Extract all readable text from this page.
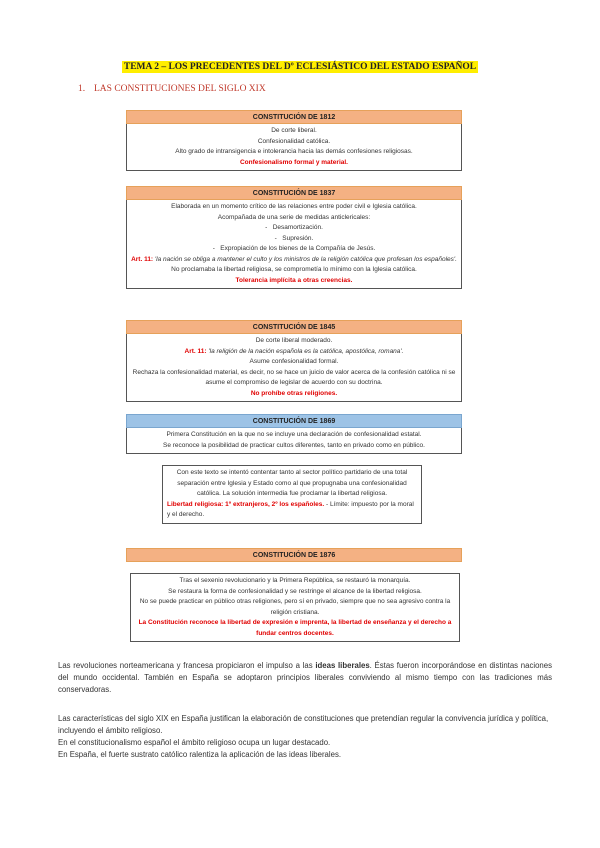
TEMA 2 – LOS PRECEDENTES DEL Dº ECLESIÁSTICO DEL ESTADO ESPAÑOL
1. LAS CONSTITUCIONES DEL SIGLO XIX
CONSTITUCIÓN DE 1812

De corte liberal.

Confesionalidad católica.

Alto grado de intransigencia e intolerancia hacia las demás confesiones religiosas.

Confesionalismo formal y material.

CONSTITUCIÓN DE 1837

Elaborada en un momento crítico de las relaciones entre poder civil e Iglesia católica.

Acompañada de una serie de medidas anticlericales:

-   Desamortización.

-   Supresión.

-   Expropiación de los bienes de la Compañía de Jesús.

Art. 11: 'la nación se obliga a mantener el culto y los ministros de la religión católica que profesan los españoles'.

No proclamaba la libertad religiosa, se comprometía lo mínimo con la Iglesia católica.

Tolerancia implícita a otras creencias.

CONSTITUCIÓN DE 1845

De corte liberal moderado.

Art. 11: 'la religión de la nación española es la católica, apostólica, romana'.

Asume confesionalidad formal.

Rechaza la confesionalidad material, es decir, no se hace un juicio de valor acerca de la confesión católica ni se asume el compromiso de legislar de acuerdo con su doctrina.

No prohíbe otras religiones.

CONSTITUCIÓN DE 1869

Primera Constitución en la que no se incluye una declaración de confesionalidad estatal.

Se reconoce la posibilidad de practicar cultos diferentes, tanto en privado como en público.

Con este texto se intentó contentar tanto al sector político partidario de una total separación entre Iglesia y Estado como al que propugnaba una confesionalidad católica. La solución intermedia fue proclamar la libertad religiosa.

Libertad religiosa: 1º extranjeros, 2º los españoles. - Límite: impuesto por la moral y el derecho.

CONSTITUCIÓN DE 1876

Tras el sexenio revolucionario y la Primera República, se restauró la monarquía.

Se restaura la forma de confesionalidad y se restringe el alcance de la libertad religiosa.

No se puede practicar en público otras religiones, pero sí en privado, siempre que no sea agresivo contra la religión cristiana.

La Constitución reconoce la libertad de expresión e imprenta, la libertad de enseñanza y el derecho a fundar centros docentes.

Las revoluciones norteamericana y francesa propiciaron el impulso a las ideas liberales. Éstas fueron incorporándose en distintas naciones del mundo occidental. También en España se adoptaron principios liberales conviviendo al mismo tiempo con las tradiciones más conservadoras.

Las características del siglo XIX en España justifican la elaboración de constituciones que pretendían regular la convivencia jurídica y política, incluyendo el ámbito religioso.

En el constitucionalismo español el ámbito religioso ocupa un lugar destacado.

En España, el fuerte sustrato católico ralentiza la aplicación de las ideas liberales.
